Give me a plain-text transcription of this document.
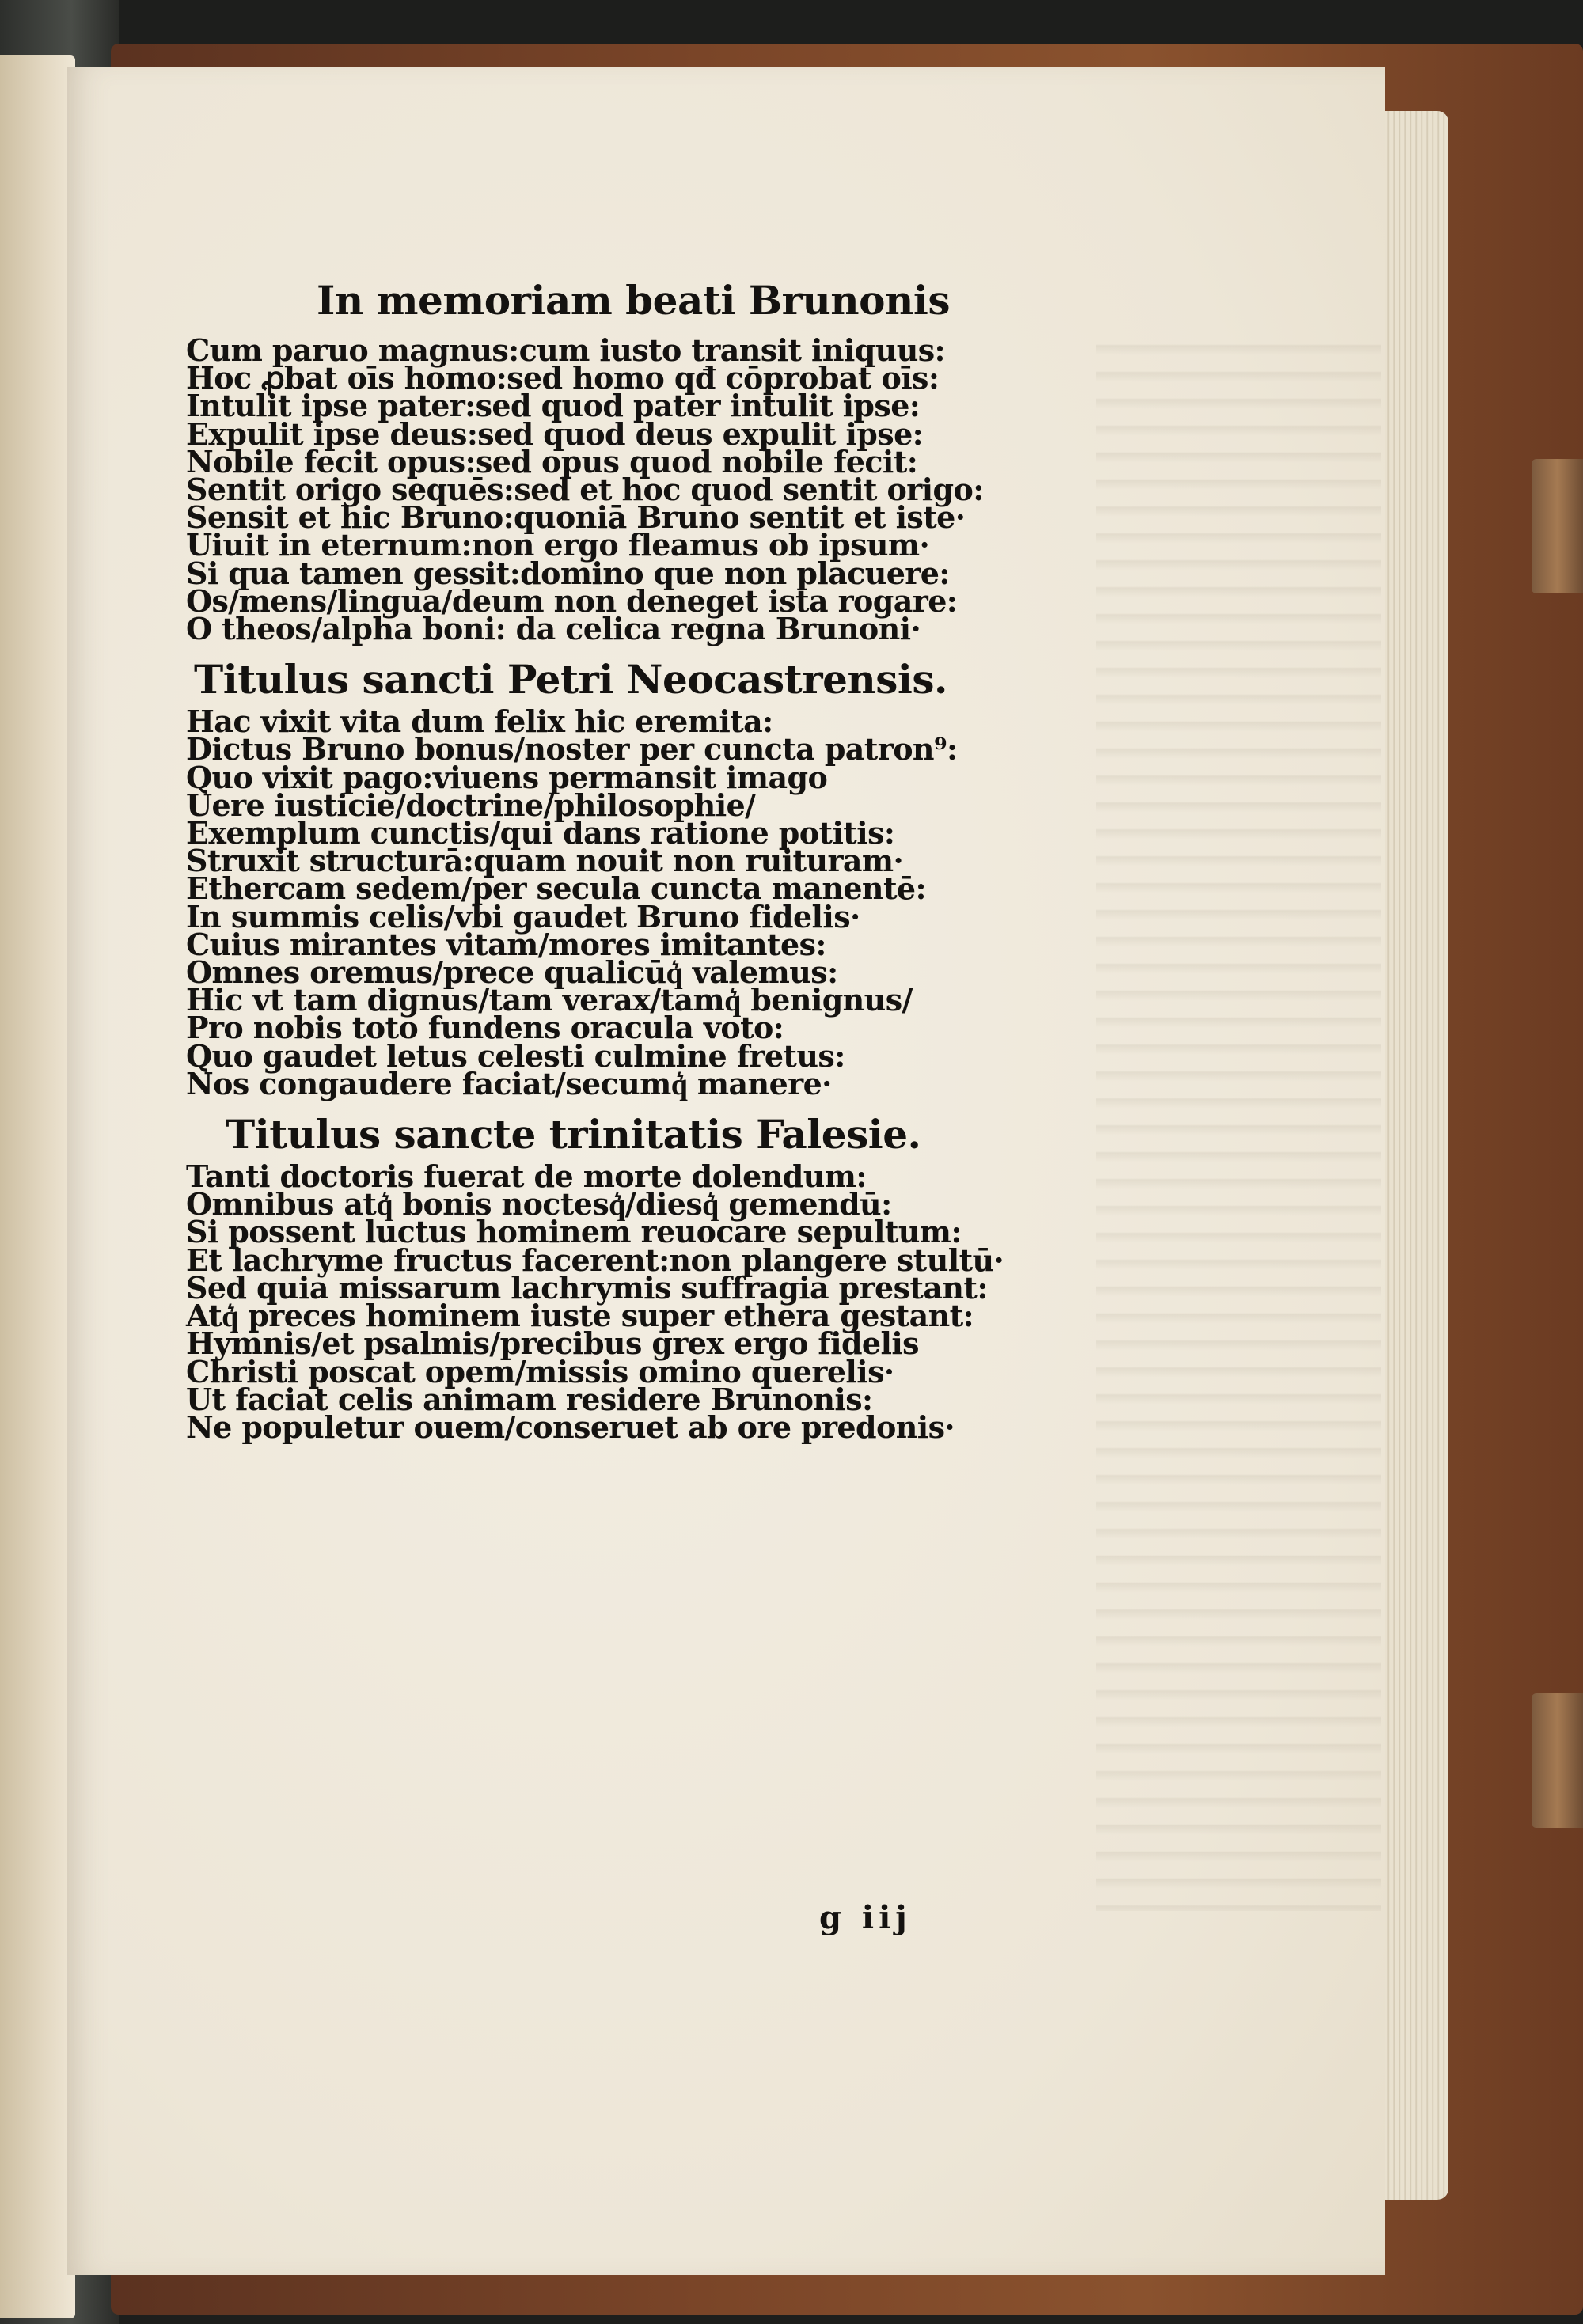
In memoriam beati Brunonis
Cum paruo magnus:cum iusto transit iniquus:
Hoc ꝓbat oīs homo:sed homo qđ cōprobat oīs:
Intulit ipse pater:sed quod pater intulit ipse:
Expulit ipse deus:sed quod deus expulit ipse:
Nobile fecit opus:sed opus quod nobile fecit:
Sentit origo sequēs:sed et hoc quod sentit origo:
Sensit et hic Bruno:quoniā Bruno sentit et iste·
Uiuit in eternum:non ergo fleamus ob ipsum·
Si qua tamen gessit:domino que non placuere:
Os/mens/lingua/deum non deneget ista rogare:
O theos/alpha boni: da celica regna Brunoni·
Titulus sancti Petri Neocastrensis.
Hac vixit vita dum felix hic eremita:
Dictus Bruno bonus/noster per cuncta patron⁹:
Quo vixit pago:viuens permansit imago
Uere iusticie/doctrine/philosophie/
Exemplum cunctis/qui dans ratione potitis:
Struxit structurā:quam nouit non ruituram·
Ethercam sedem/per secula cuncta manentē:
In summis celis/vbi gaudet Bruno fidelis·
Cuius mirantes vitam/mores imitantes:
Omnes oremus/prece qualicūq͛ valemus:
Hic vt tam dignus/tam verax/tamq͛ benignus/
Pro nobis toto fundens oracula voto:
Quo gaudet letus celesti culmine fretus:
Nos congaudere faciat/secumq͛ manere·
Titulus sancte trinitatis Falesie.
Tanti doctoris fuerat de morte dolendum:
Omnibus atq͛ bonis noctesq͛/diesq͛ gemendū:
Si possent luctus hominem reuocare sepultum:
Et lachryme fructus facerent:non plangere stultū·
Sed quia missarum lachrymis suffragia prestant:
Atq͛ preces hominem iuste super ethera gestant:
Hymnis/et psalmis/precibus grex ergo fidelis
Christi poscat opem/missis omino querelis·
Ut faciat celis animam residere Brunonis:
Ne populetur ouem/conseruet ab ore predonis·
g iij
